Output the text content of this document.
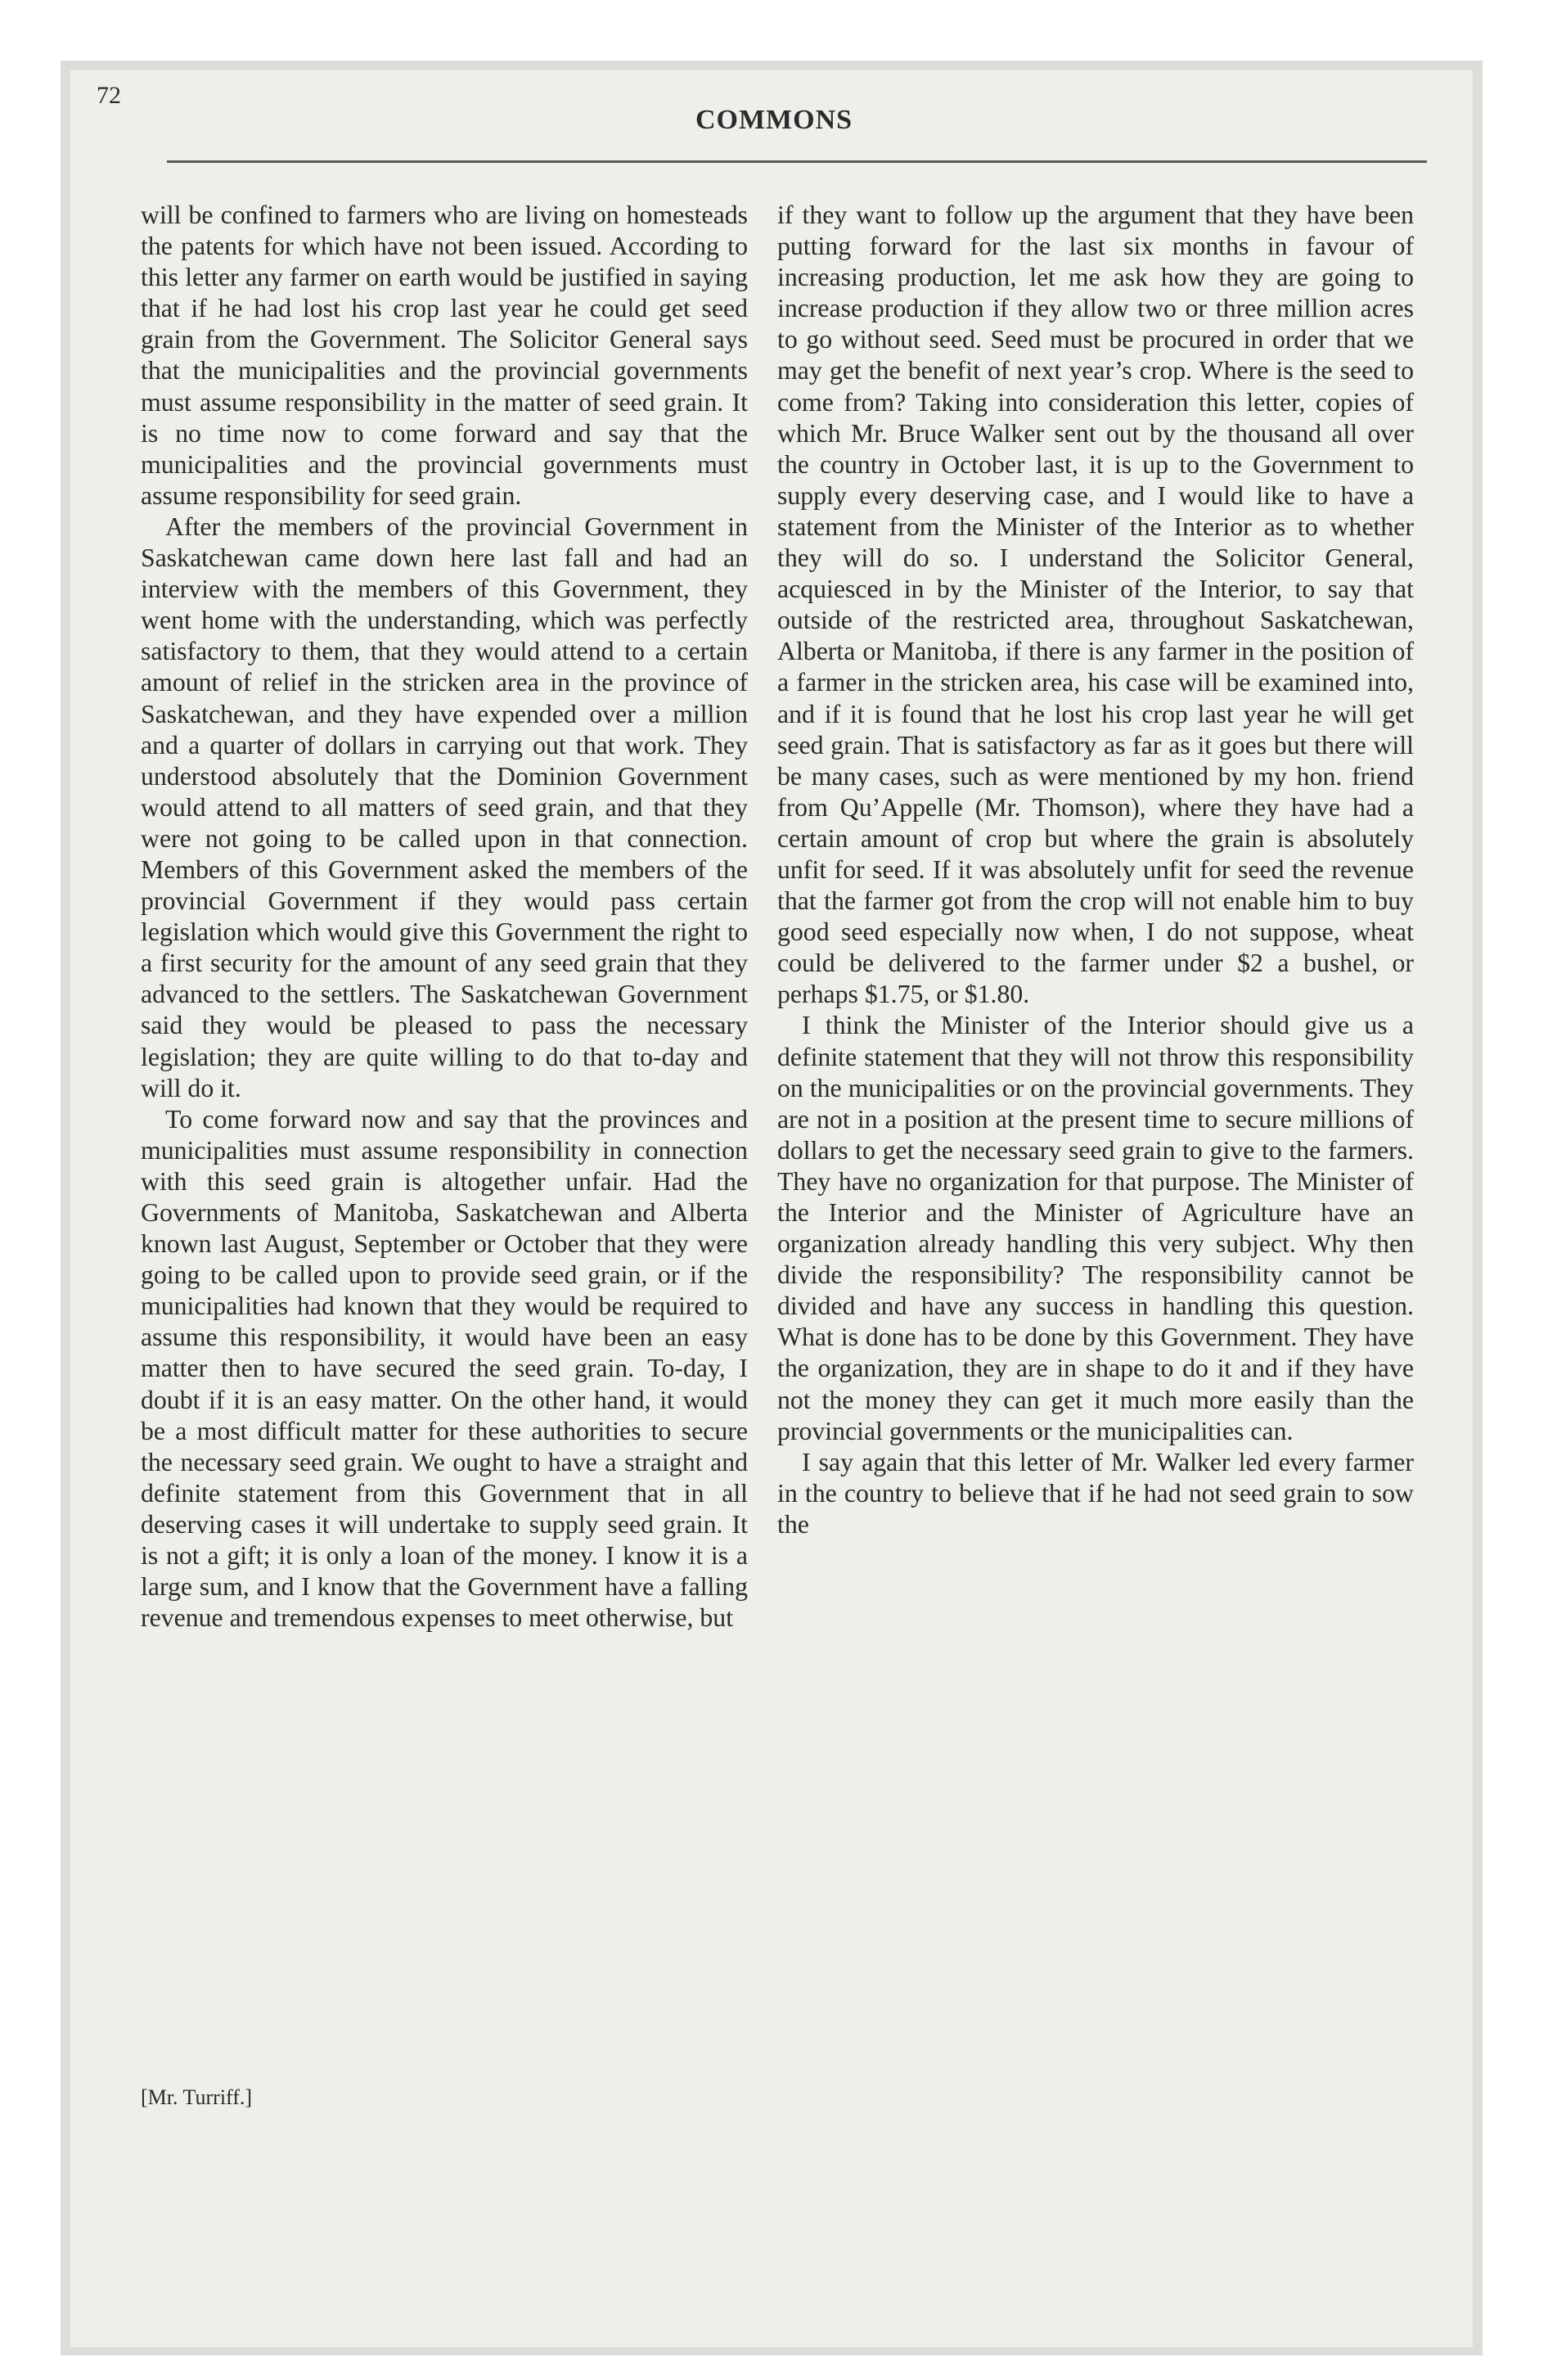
72

COMMONS

will be confined to farmers who are living on homesteads the patents for which have not been issued. According to this letter any farmer on earth would be justified in saying that if he had lost his crop last year he could get seed grain from the Government. The Solicitor General says that the municipalities and the provincial governments must assume responsibility in the matter of seed grain. It is no time now to come forward and say that the municipalities and the provincial governments must assume responsibility for seed grain.

After the members of the provincial Government in Saskatchewan came down here last fall and had an interview with the members of this Government, they went home with the understanding, which was perfectly satisfactory to them, that they would attend to a certain amount of relief in the stricken area in the province of Saskatchewan, and they have expended over a million and a quarter of dollars in carrying out that work. They understood absolutely that the Dominion Government would attend to all matters of seed grain, and that they were not going to be called upon in that connection. Members of this Government asked the members of the provincial Government if they would pass certain legislation which would give this Government the right to a first security for the amount of any seed grain that they advanced to the settlers. The Saskatchewan Government said they would be pleased to pass the necessary legislation; they are quite willing to do that to-day and will do it.

To come forward now and say that the provinces and municipalities must assume responsibility in connection with this seed grain is altogether unfair. Had the Governments of Manitoba, Saskatchewan and Alberta known last August, September or October that they were going to be called upon to provide seed grain, or if the municipalities had known that they would be required to assume this responsibility, it would have been an easy matter then to have secured the seed grain. To-day, I doubt if it is an easy matter. On the other hand, it would be a most difficult matter for these authorities to secure the necessary seed grain. We ought to have a straight and definite statement from this Government that in all deserving cases it will undertake to supply seed grain. It is not a gift; it is only a loan of the money. I know it is a large sum, and I know that the Government have a falling revenue and tremendous expenses to meet otherwise, but

[Mr. Turriff.]

if they want to follow up the argument that they have been putting forward for the last six months in favour of increasing production, let me ask how they are going to increase production if they allow two or three million acres to go without seed. Seed must be procured in order that we may get the benefit of next year’s crop. Where is the seed to come from? Taking into consideration this letter, copies of which Mr. Bruce Walker sent out by the thousand all over the country in October last, it is up to the Government to supply every deserving case, and I would like to have a statement from the Minister of the Interior as to whether they will do so. I understand the Solicitor General, acquiesced in by the Minister of the Interior, to say that outside of the restricted area, throughout Saskatchewan, Alberta or Manitoba, if there is any farmer in the position of a farmer in the stricken area, his case will be examined into, and if it is found that he lost his crop last year he will get seed grain. That is satisfactory as far as it goes but there will be many cases, such as were mentioned by my hon. friend from Qu’Appelle (Mr. Thomson), where they have had a certain amount of crop but where the grain is absolutely unfit for seed. If it was absolutely unfit for seed the revenue that the farmer got from the crop will not enable him to buy good seed especially now when, I do not suppose, wheat could be delivered to the farmer under $2 a bushel, or perhaps $1.75, or $1.80.

I think the Minister of the Interior should give us a definite statement that they will not throw this responsibility on the municipalities or on the provincial governments. They are not in a position at the present time to secure millions of dollars to get the necessary seed grain to give to the farmers. They have no organization for that purpose. The Minister of the Interior and the Minister of Agriculture have an organization already handling this very subject. Why then divide the responsibility? The responsibility cannot be divided and have any success in handling this question. What is done has to be done by this Government. They have the organization, they are in shape to do it and if they have not the money they can get it much more easily than the provincial governments or the municipalities can.

I say again that this letter of Mr. Walker led every farmer in the country to believe that if he had not seed grain to sow the
